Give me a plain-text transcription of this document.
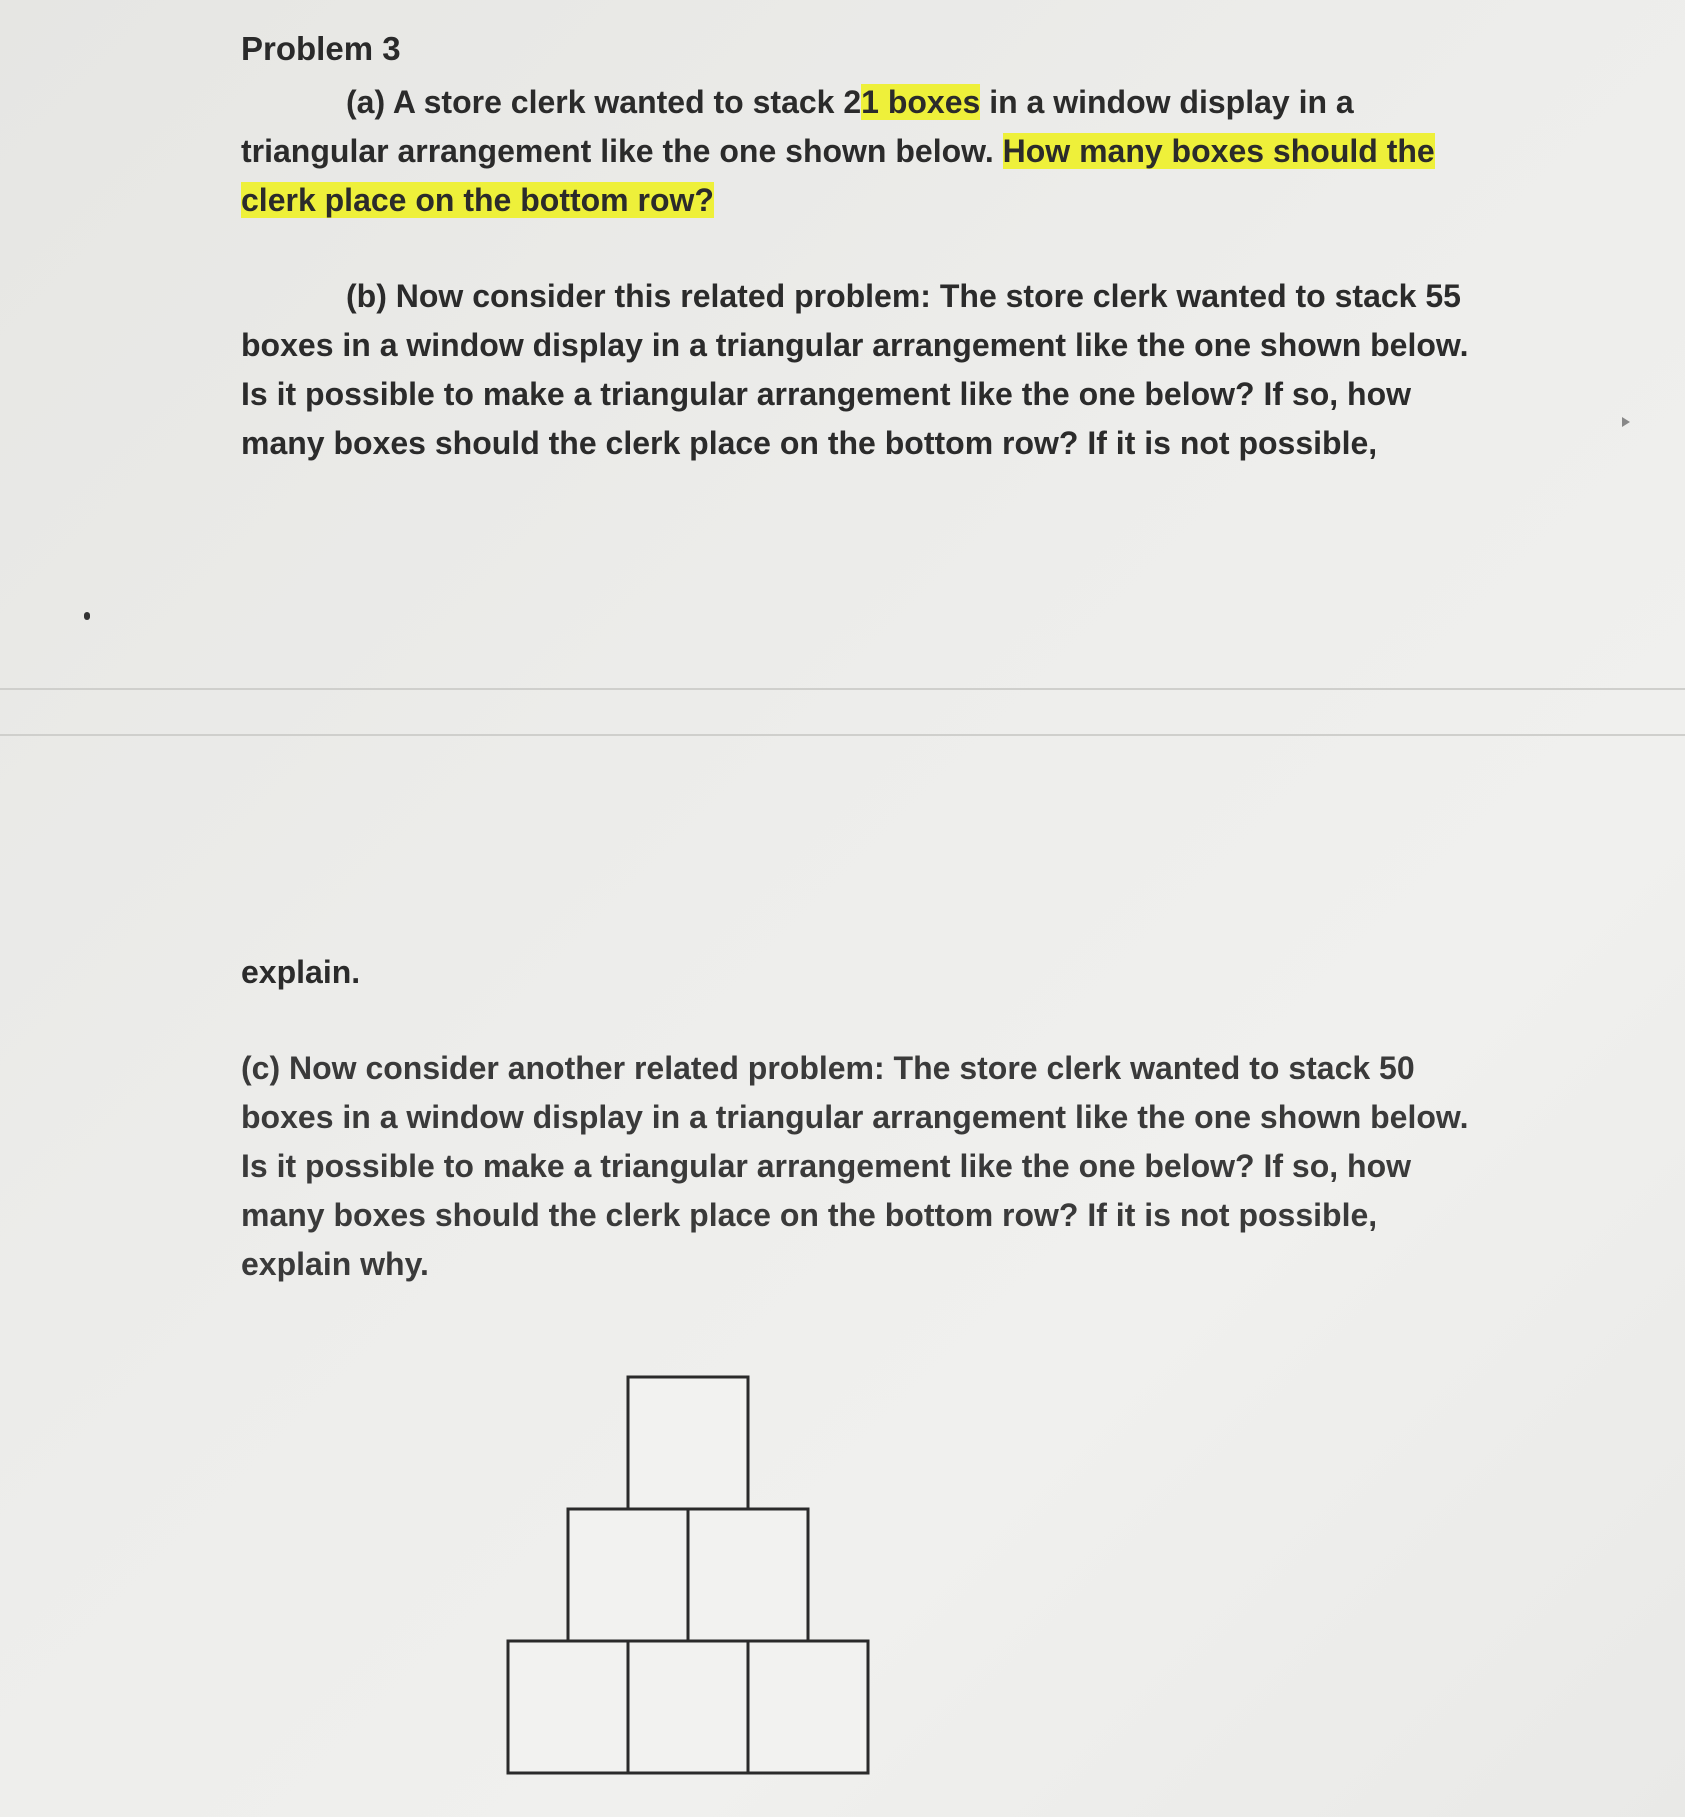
Problem 3

(a) A store clerk wanted to stack 21 boxes in a window display in a

triangular arrangement like the one shown below. How many boxes should the

clerk place on the bottom row?

(b) Now consider this related problem: The store clerk wanted to stack 55

boxes in a window display in a triangular arrangement like the one shown below.

Is it possible to make a triangular arrangement like the one below? If so, how

many boxes should the clerk place on the bottom row? If it is not possible,

explain.

(c) Now consider another related problem: The store clerk wanted to stack 50

boxes in a window display in a triangular arrangement like the one shown below.

Is it possible to make a triangular arrangement like the one below? If so, how

many boxes should the clerk place on the bottom row? If it is not possible,

explain why.
